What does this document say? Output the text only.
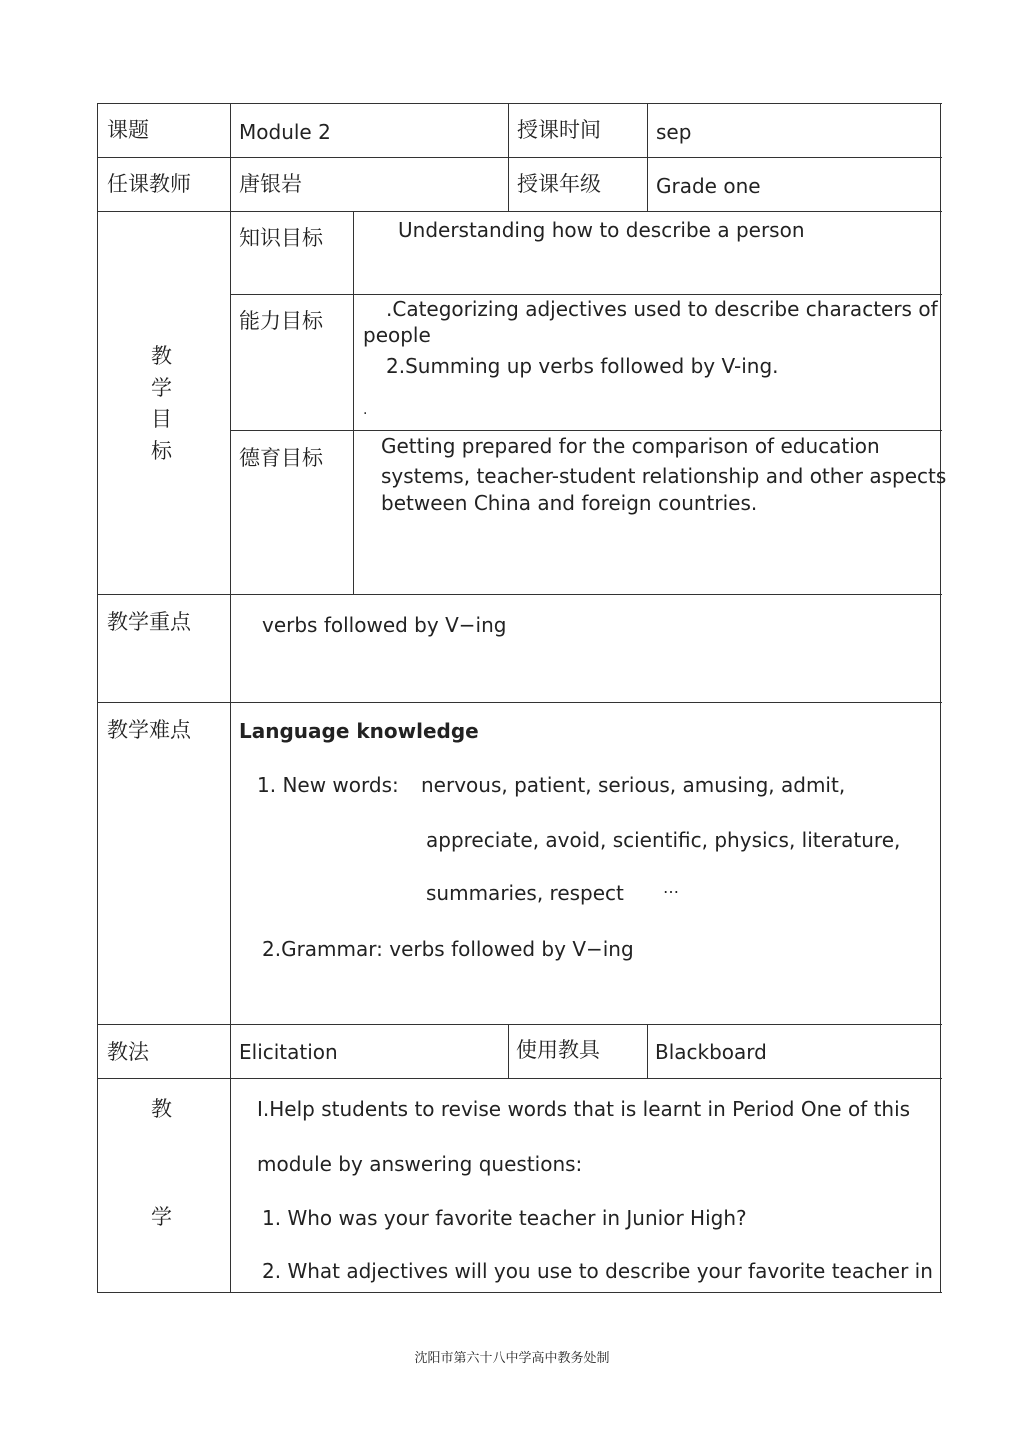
课题	Module 2	授课时间	sep
任课教师 唐银岩	授课年级	Grade one
教
学
目
标
知识目标	Understanding how to describe a person
能力目标	.Categorizing adjectives used to describe characters of
people
2.Summing up verbs followed by V-ing.
.
德育目标	Getting prepared for the comparison of education
systems, teacher-student relationship and other aspects
between China and foreign countries.
教学重点	verbs followed by V−ing
教学难点 Language knowledge
1. New words: nervous, patient, serious, amusing, admit,
appreciate, avoid, scientific, physics, literature,
summaries, respect …
2.Grammar: verbs followed by V−ing
教法	Elicitation	使用教具	Blackboard
教
学
I.Help students to revise words that is learnt in Period One of this
module by answering questions:
1. Who was your favorite teacher in Junior High?
2. What adjectives will you use to describe your favorite teacher in
沈阳市第六十八中学高中教务处制
